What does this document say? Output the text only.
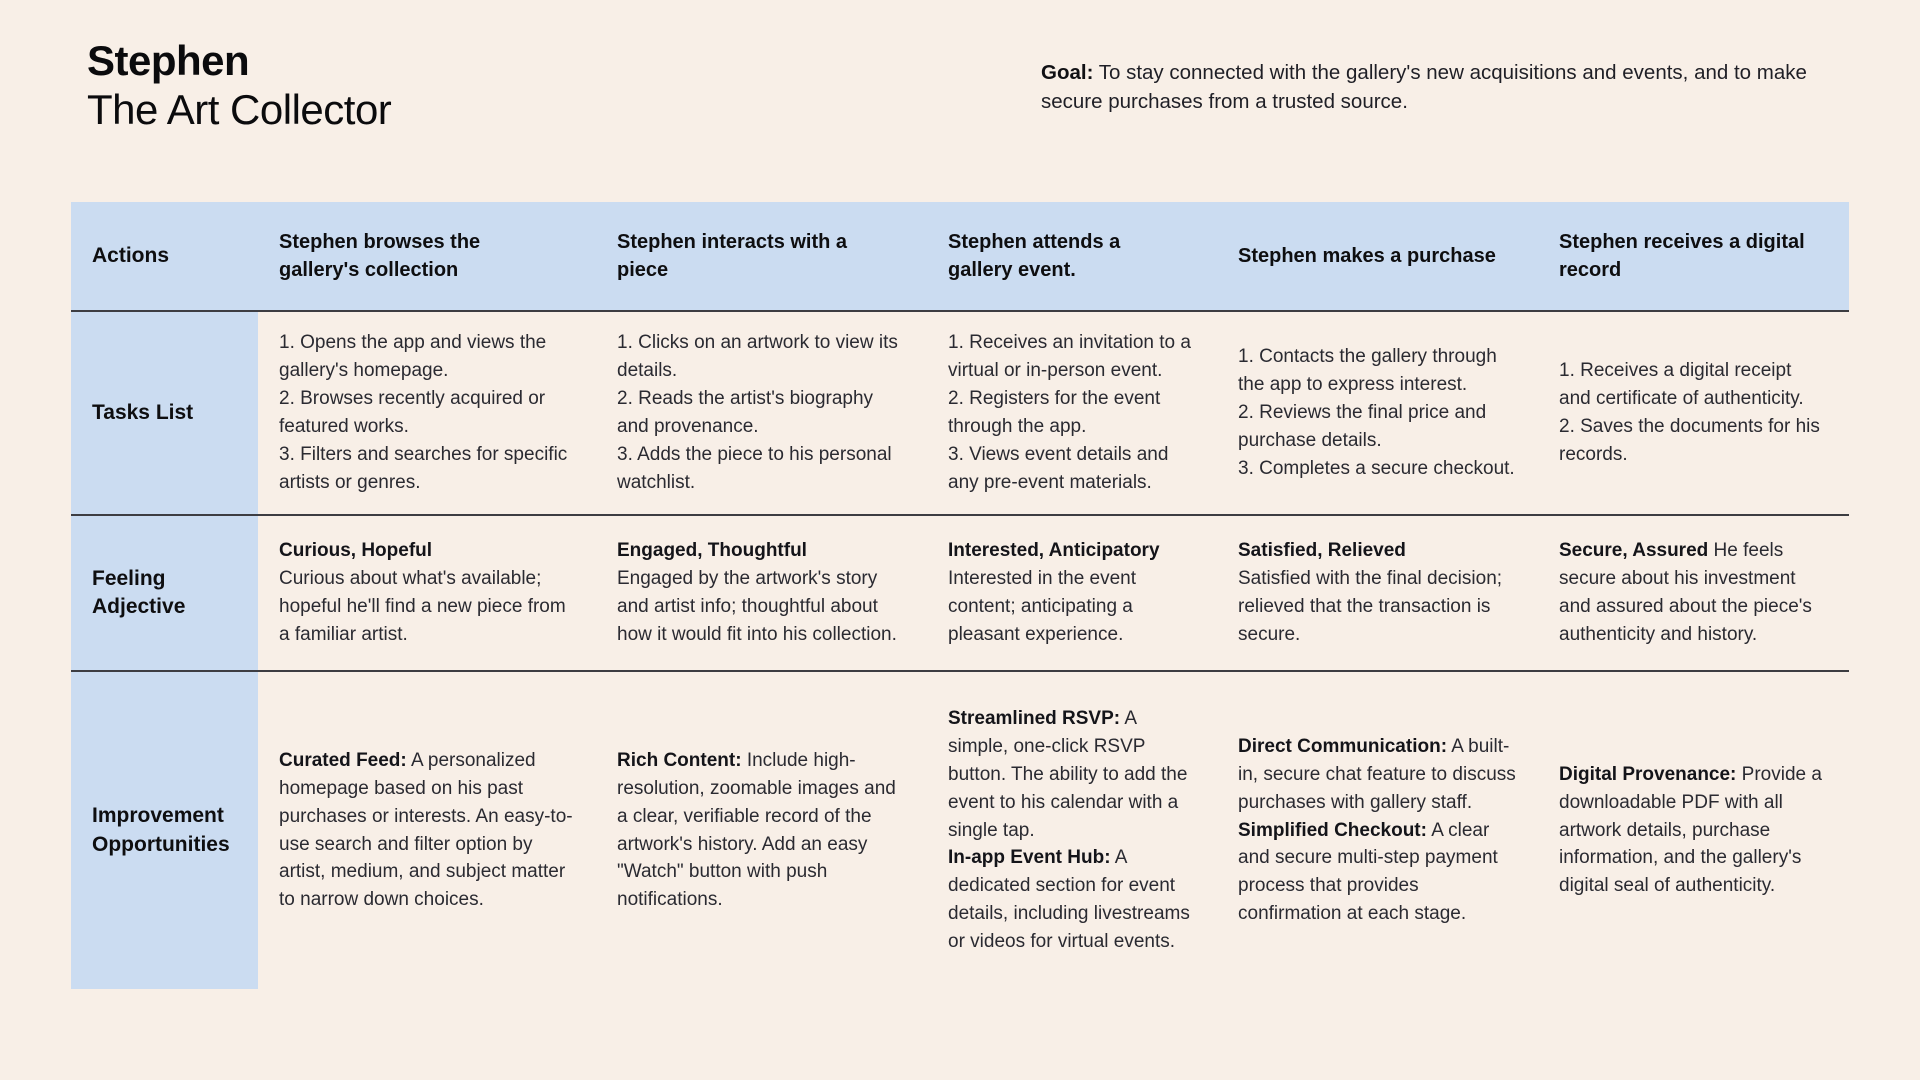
Stephen
The Art Collector

Goal: To stay connected with the gallery's new acquisitions and events, and to make secure purchases from a trusted source.

Actions
Stephen browses the gallery's collection
Stephen interacts with a piece
Stephen attends a gallery event.
Stephen makes a purchase
Stephen receives a digital record
Tasks List
1. Opens the app and views the gallery's homepage.
2. Browses recently acquired or featured works.
3. Filters and searches for specific artists or genres.
1. Clicks on an artwork to view its details.
2. Reads the artist's biography and provenance.
3. Adds the piece to his personal watchlist.
1. Receives an invitation to a virtual or in-person event.
2. Registers for the event through the app.
3. Views event details and any pre-event materials.
1. Contacts the gallery through the app to express interest.
2. Reviews the final price and purchase details.
3. Completes a secure checkout.
1. Receives a digital receipt and certificate of authenticity.
2. Saves the documents for his records.
Feeling Adjective
Curious, Hopeful
Curious about what's available; hopeful he'll find a new piece from a familiar artist.
Engaged, Thoughtful
Engaged by the artwork's story and artist info; thoughtful about how it would fit into his collection.
Interested, Anticipatory
Interested in the event content; anticipating a pleasant experience.
Satisfied, Relieved
Satisfied with the final decision; relieved that the transaction is secure.
Secure, Assured He feels secure about his investment and assured about the piece's authenticity and history.
Improvement Opportunities
Curated Feed: A personalized homepage based on his past purchases or interests. An easy-to-use search and filter option by artist, medium, and subject matter to narrow down choices.
Rich Content: Include high-resolution, zoomable images and a clear, verifiable record of the artwork's history. Add an easy "Watch" button with push notifications.
Streamlined RSVP: A simple, one-click RSVP button. The ability to add the event to his calendar with a single tap.
In-app Event Hub: A dedicated section for event details, including livestreams or videos for virtual events.
Direct Communication: A built-in, secure chat feature to discuss purchases with gallery staff.
Simplified Checkout: A clear and secure multi-step payment process that provides confirmation at each stage.
Digital Provenance: Provide a downloadable PDF with all artwork details, purchase information, and the gallery's digital seal of authenticity.
